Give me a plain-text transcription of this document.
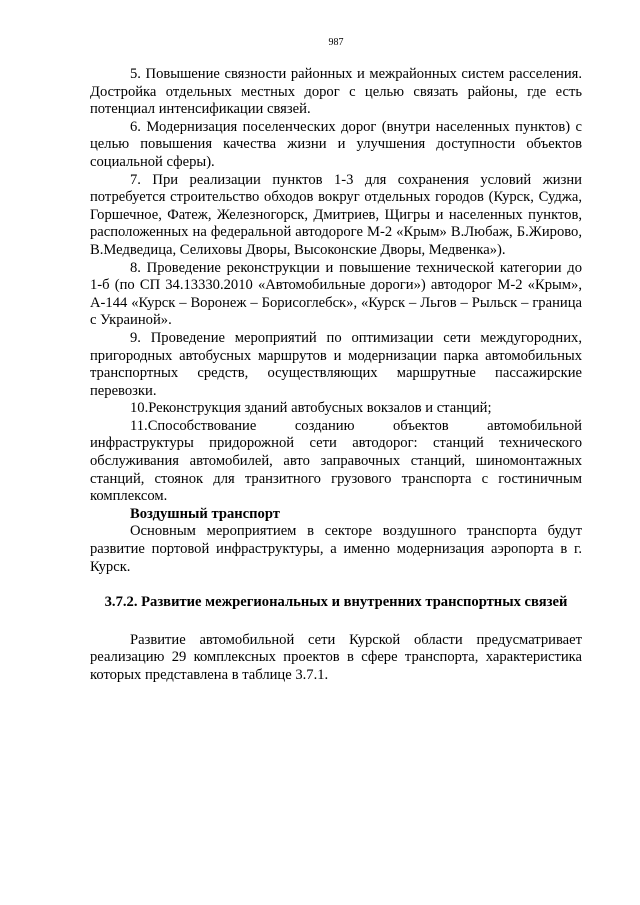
987

5. Повышение связности районных и межрайонных систем расселения. Достройка отдельных местных дорог с целью связать районы, где есть потенциал интенсификации связей.

6. Модернизация поселенческих дорог (внутри населенных пунктов) с целью повышения качества жизни и улучшения доступности объектов социальной сферы).

7. При реализации пунктов 1-3 для сохранения условий жизни потребуется строительство обходов вокруг отдельных городов (Курск, Суджа, Горшечное, Фатеж, Железногорск, Дмитриев, Щигры и населенных пунктов, расположенных на федеральной автодороге М-2 «Крым» В.Любаж, Б.Жирово, В.Медведица, Селиховы Дворы, Высоконские Дворы, Медвенка»).

8. Проведение реконструкции и повышение технической категории до 1-б (по СП 34.13330.2010 «Автомобильные дороги») автодорог М-2 «Крым», А-144 «Курск – Воронеж – Борисоглебск», «Курск – Льгов – Рыльск – граница с Украиной».

9. Проведение мероприятий по оптимизации сети междугородних, пригородных автобусных маршрутов и модернизации парка автомобильных транспортных средств, осуществляющих маршрутные пассажирские перевозки.

10.Реконструкция зданий автобусных вокзалов и станций;

11.Способствование созданию объектов автомобильной инфраструктуры придорожной сети автодорог: станций технического обслуживания автомобилей, авто заправочных станций, шиномонтажных станций, стоянок для транзитного грузового транспорта с гостиничным комплексом.

Воздушный транспорт

Основным мероприятием в секторе воздушного транспорта будут развитие портовой инфраструктуры, а именно модернизация аэропорта в г. Курск.

3.7.2. Развитие межрегиональных и внутренних транспортных связей

Развитие автомобильной сети Курской области предусматривает реализацию 29 комплексных проектов в сфере транспорта, характеристика которых представлена в таблице 3.7.1.
